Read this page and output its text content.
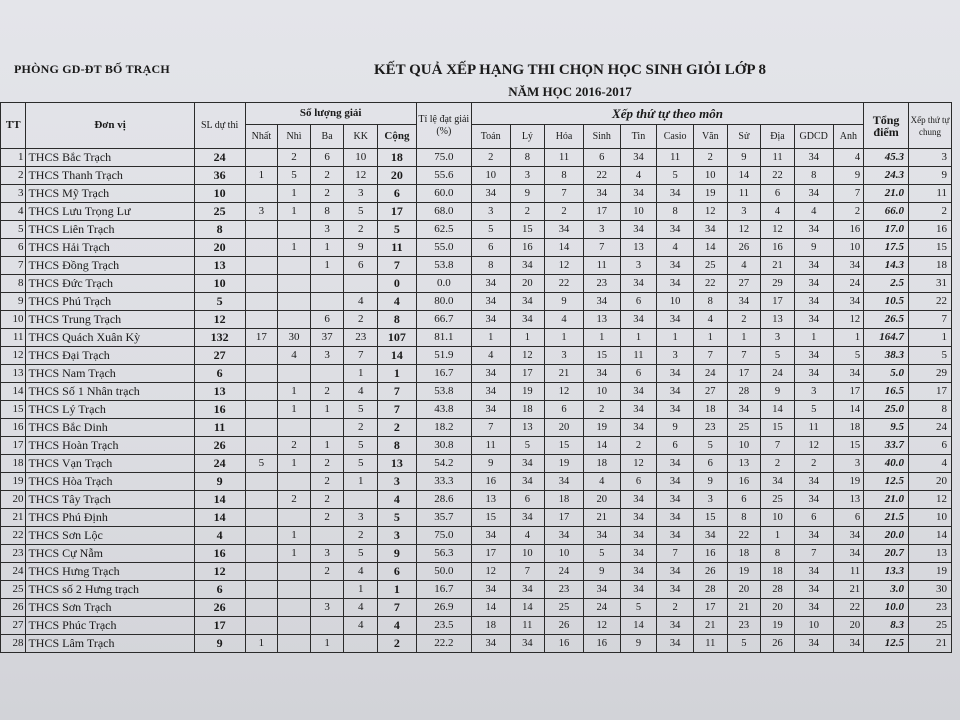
PHÒNG GD-ĐT BỐ TRẠCH	KẾT QUẢ XẾP HẠNG THI CHỌN HỌC SINH GIỎI LỚP 8
NĂM HỌC 2016-2017
TT	Đơn vị	SL dự thi	Số lượng giải					Tỉ lệ đạt giải (%)	Xếp thứ tự theo môn											Tổng điểm	Xếp thứ tự chung
			Nhất	Nhì	Ba	KK	Cộng		Toán	Lý	Hóa	Sinh	Tin	Casio	Văn	Sử	Địa	GDCD	Anh		
1	THCS Bắc Trạch	24		2	6	10	18	75.0	2	8	11	6	34	11	2	9	11	34	4	45.3	3
2	THCS Thanh Trạch	36	1	5	2	12	20	55.6	10	3	8	22	4	5	10	14	22	8	9	24.3	9
3	THCS Mỹ Trạch	10		1	2	3	6	60.0	34	9	7	34	34	34	19	11	6	34	7	21.0	11
4	THCS Lưu Trọng Lư	25	3	1	8	5	17	68.0	3	2	2	17	10	8	12	3	4	4	2	66.0	2
5	THCS Liên Trạch	8			3	2	5	62.5	5	15	34	3	34	34	34	12	12	34	16	17.0	16
6	THCS Hải Trạch	20		1	1	9	11	55.0	6	16	14	7	13	4	14	26	16	9	10	17.5	15
7	THCS Đồng Trạch	13			1	6	7	53.8	8	34	12	11	3	34	25	4	21	34	34	14.3	18
8	THCS Đức Trạch	10					0	0.0	34	20	22	23	34	34	22	27	29	34	24	2.5	31
9	THCS Phú Trạch	5				4	4	80.0	34	34	9	34	6	10	8	34	17	34	34	10.5	22
10	THCS Trung Trạch	12			6	2	8	66.7	34	34	4	13	34	34	4	2	13	34	12	26.5	7
11	THCS Quách Xuân Kỳ	132	17	30	37	23	107	81.1	1	1	1	1	1	1	1	1	3	1	1	164.7	1
12	THCS Đại Trạch	27		4	3	7	14	51.9	4	12	3	15	11	3	7	7	5	34	5	38.3	5
13	THCS Nam Trạch	6				1	1	16.7	34	17	21	34	6	34	24	17	24	34	34	5.0	29
14	THCS Số 1 Nhân trạch	13		1	2	4	7	53.8	34	19	12	10	34	34	27	28	9	3	17	16.5	17
15	THCS Lý Trạch	16		1	1	5	7	43.8	34	18	6	2	34	34	18	34	14	5	14	25.0	8
16	THCS Bắc Dinh	11				2	2	18.2	7	13	20	19	34	9	23	25	15	11	18	9.5	24
17	THCS Hoàn Trạch	26		2	1	5	8	30.8	11	5	15	14	2	6	5	10	7	12	15	33.7	6
18	THCS Vạn Trạch	24	5	1	2	5	13	54.2	9	34	19	18	12	34	6	13	2	2	3	40.0	4
19	THCS Hòa Trạch	9			2	1	3	33.3	16	34	34	4	6	34	9	16	34	34	19	12.5	20
20	THCS Tây Trạch	14		2	2		4	28.6	13	6	18	20	34	34	3	6	25	34	13	21.0	12
21	THCS Phú Định	14			2	3	5	35.7	15	34	17	21	34	34	15	8	10	6	6	21.5	10
22	THCS Sơn Lộc	4		1		2	3	75.0	34	4	34	34	34	34	34	22	1	34	34	20.0	14
23	THCS Cự Nẫm	16		1	3	5	9	56.3	17	10	10	5	34	7	16	18	8	7	34	20.7	13
24	THCS Hưng Trạch	12			2	4	6	50.0	12	7	24	9	34	34	26	19	18	34	11	13.3	19
25	THCS số 2 Hưng trạch	6				1	1	16.7	34	34	23	34	34	34	28	20	28	34	21	3.0	30
26	THCS Sơn Trạch	26			3	4	7	26.9	14	14	25	24	5	2	17	21	20	34	22	10.0	23
27	THCS Phúc Trạch	17				4	4	23.5	18	11	26	12	14	34	21	23	19	10	20	8.3	25
28	THCS Lâm Trạch	9	1		1		2	22.2	34	34	16	16	9	34	11	5	26	34	34	12.5	21
